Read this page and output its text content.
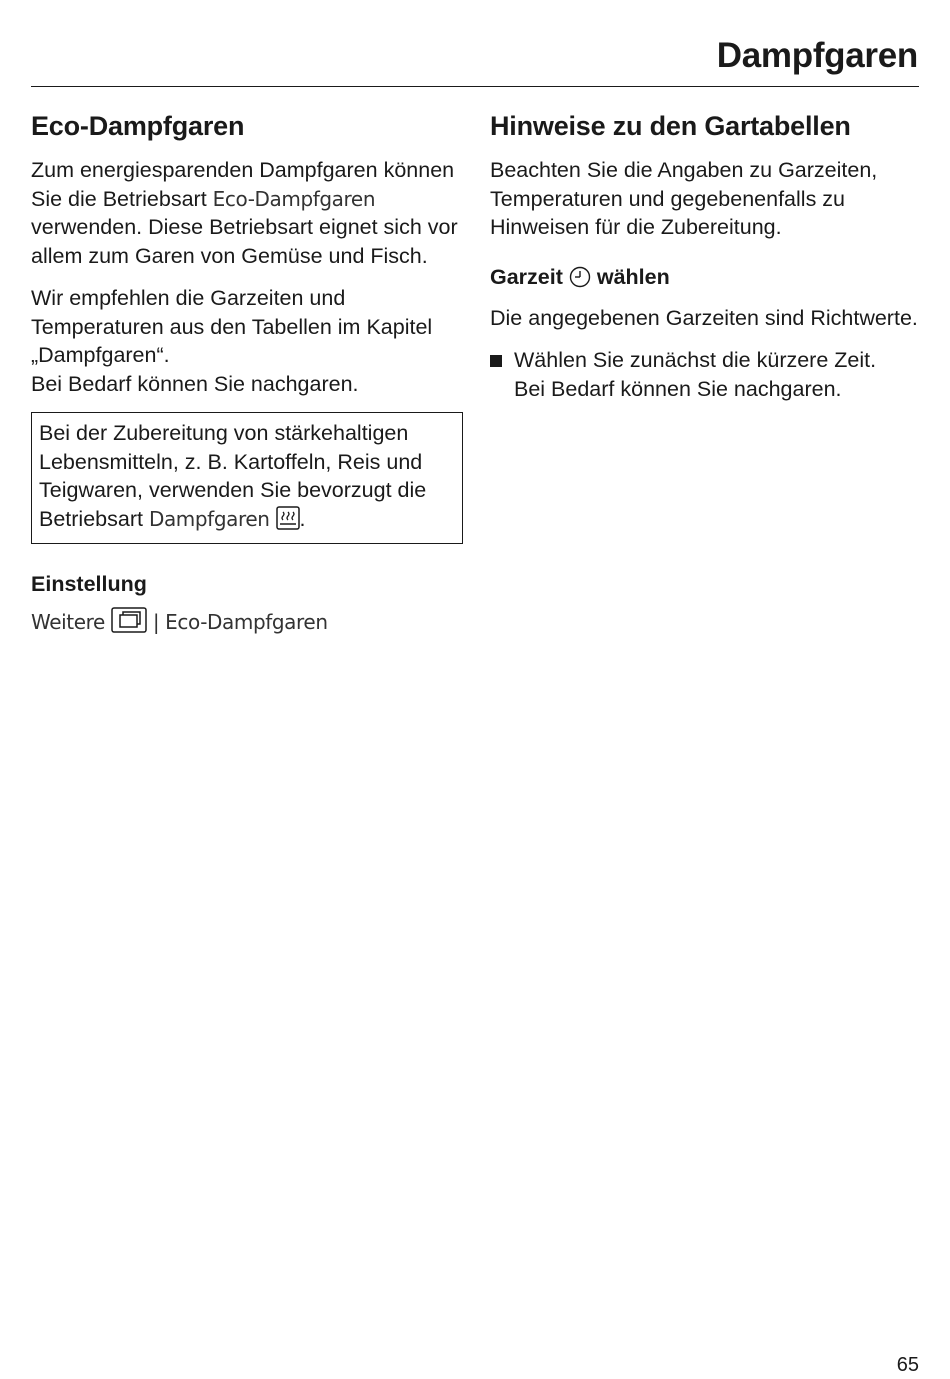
Dampfgaren
Eco-Dampfgaren

Zum energiesparenden Dampfgaren können Sie die Betriebsart Eco-Dampfgaren verwenden. Diese Betriebsart eignet sich vor allem zum Garen von Gemüse und Fisch.

Wir empfehlen die Garzeiten und Temperaturen aus den Tabellen im Kapitel „Dampfgaren“.
Bei Bedarf können Sie nachgaren.

Bei der Zubereitung von stärkehaltigen Lebensmitteln, z. B. Kartoffeln, Reis und Teigwaren, verwenden Sie bevorzugt die Betriebsart Dampfgaren .

Einstellung
Weitere | Eco-Dampfgaren
Hinweise zu den Gartabellen

Beachten Sie die Angaben zu Garzeiten, Temperaturen und gegebenenfalls zu Hinweisen für die Zubereitung.

Garzeit wählen

Die angegebenen Garzeiten sind Richtwerte.

Wählen Sie zunächst die kürzere Zeit.
Bei Bedarf können Sie nachgaren.
65
